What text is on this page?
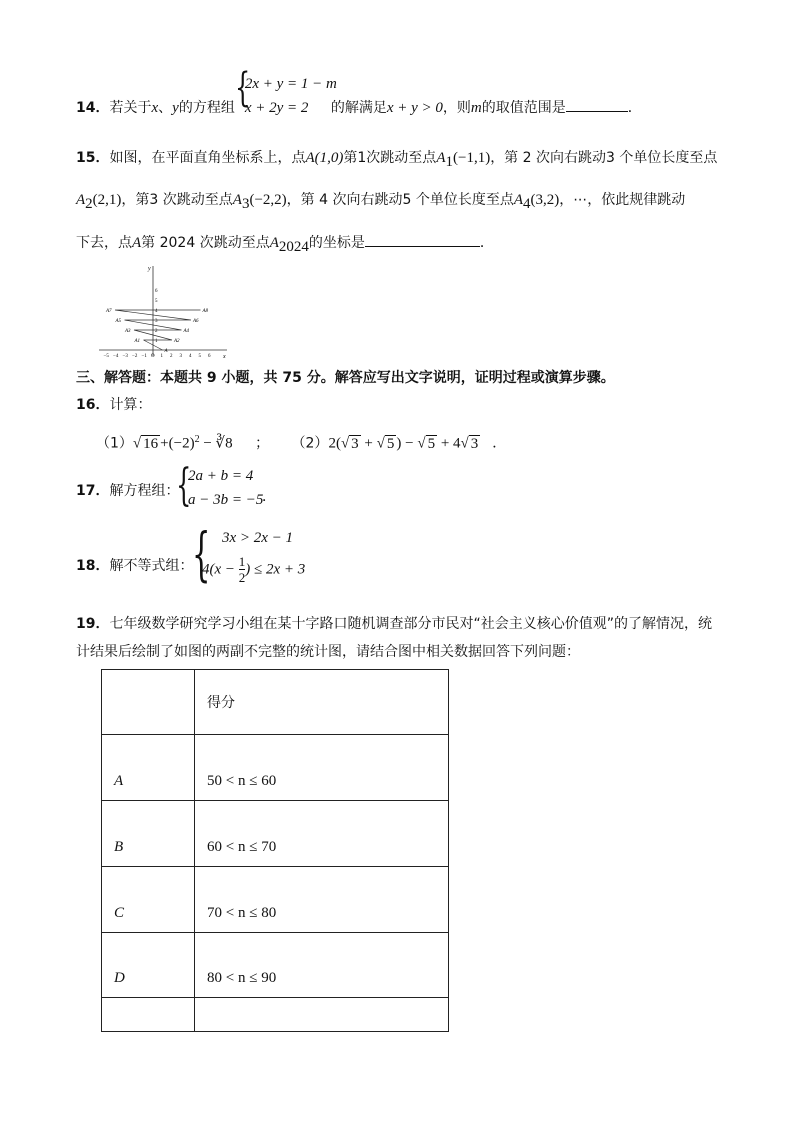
14．若关于x、y的方程组 {
2x + y = 1 − m
x + 2y = 2 的解满足x + y > 0，则m的取值范围是	．
15．如图，在平面直角坐标系上，点A(1,0)第1次跳动至点$A_1(-1,1)$，第 2 次向右跳动3 个单位长度至点
$A_2(2,1)$，第3 次跳动至点$A_3(-2,2)$，第 4 次向右跳动5 个单位长度至点$A_4(3,2)$，⋯，依此规律跳动
下去，点A第 2024 次跳动至点$A_{2024}$的坐标是	．
y
x
6
5
4
3
2
1
−5 −4 −3 −2 −1 O 1 2 3 4 5 6
A
A1	A2
A3	A4
A5	A6
A7	A8
三、解答题：本题共 9 小题，共 75 分。解答应写出文字说明，证明过程或演算步骤。
16．计算：
（1）√ $16 +(-2)^2$ − ∛8 ； （2）2(√ 3 + √ 5 ) − √ 5 + 4√ 3 ．
17．解方程组：
{
2a + b = 4
a − 3b = −5
．
18．解不等式组：
{ 3x > 2x − 1
$4(x - \frac{1}{2}$ ) ≤ 2x + 3
19．七年级数学研究学习小组在某十字路口随机调查部分市民对“社会主义核心价值观”的了解情况，统
计结果后绘制了如图的两副不完整的统计图，请结合图中相关数据回答下列问题：

	得分

A	50 < n ≤ 60

B	60 < n ≤ 70

C	70 < n ≤ 80

D	80 < n ≤ 90
